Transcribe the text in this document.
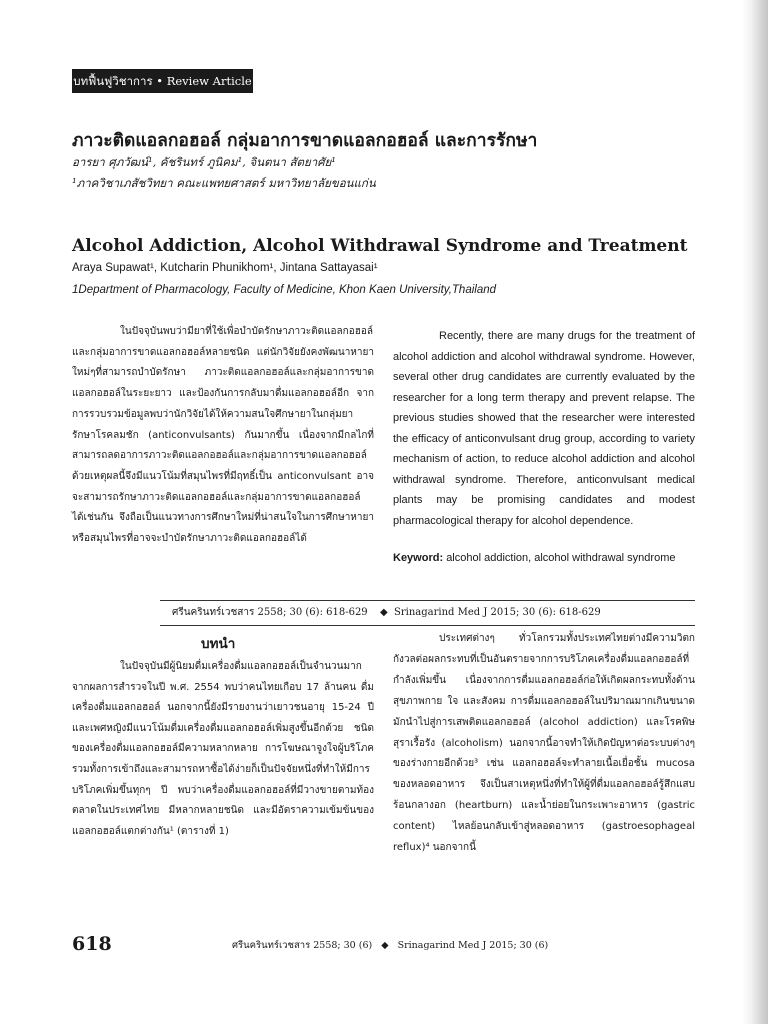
บทฟื้นฟูวิชาการ • Review Article
ภาวะติดแอลกอฮอล์ กลุ่มอาการขาดแอลกอฮอล์ และการรักษา
อารยา ศุภวัฒน์¹, คัชรินทร์ ภูนิคม¹, จินตนา สัตยาศัย¹
¹ภาควิชาเภสัชวิทยา คณะแพทยศาสตร์ มหาวิทยาลัยขอนแก่น
Alcohol Addiction, Alcohol Withdrawal Syndrome and Treatment
Araya Supawat¹, Kutcharin Phunikhom¹, Jintana Sattayasai¹
1Department of Pharmacology, Faculty of Medicine, Khon Kaen University,Thailand

ในปัจจุบันพบว่ามียาที่ใช้เพื่อบำบัดรักษาภาวะติดแอลกอฮอล์และกลุ่มอาการขาดแอลกอฮอล์หลายชนิด แต่นักวิจัยยังคงพัฒนาหายาใหม่ๆที่สามารถบำบัดรักษา ภาวะติดแอลกอฮอล์และกลุ่มอาการขาดแอลกอฮอล์ในระยะยาว และป้องกันการกลับมาดื่มแอลกอฮอล์อีก จากการรวบรวมข้อมูลพบว่านักวิจัยได้ให้ความสนใจศึกษายาในกลุ่มยารักษาโรคลมชัก (anticonvulsants) กันมากขึ้น เนื่องจากมีกลไกที่สามารถลดอาการภาวะติดแอลกอฮอล์และกลุ่มอาการขาดแอลกอฮอล์ ด้วยเหตุผลนี้จึงมีแนวโน้มที่สมุนไพรที่มีฤทธิ์เป็น anticonvulsant อาจจะสามารถรักษาภาวะติดแอลกอฮอล์และกลุ่มอาการขาดแอลกอฮอล์ ได้เช่นกัน จึงถือเป็นแนวทางการศึกษาใหม่ที่น่าสนใจในการศึกษาหายาหรือสมุนไพรที่อาจจะบำบัดรักษาภาวะติดแอลกอฮอล์ได้

Recently, there are many drugs for the treatment of alcohol addiction and alcohol withdrawal syndrome. However, several other drug candidates are currently evaluated by the researcher for a long term therapy and prevent relapse. The previous studies showed that the researcher were interested the efficacy of anticonvulsant drug group, according to variety mechanism of action, to reduce alcohol addiction and alcohol withdrawal syndrome. Therefore, anticonvulsant medical plants may be promising candidates and modest pharmacological therapy for alcohol dependence.

Keyword: alcohol addiction, alcohol withdrawal syndrome
ศรีนครินทร์เวชสาร 2558; 30 (6): 618-629 ◆ Srinagarind Med J 2015; 30 (6): 618-629
บทนำ

ในปัจจุบันมีผู้นิยมดื่มเครื่องดื่มแอลกอฮอล์เป็นจำนวนมาก จากผลการสำรวจในปี พ.ศ. 2554 พบว่าคนไทยเกือบ 17 ล้านคน ดื่มเครื่องดื่มแอลกอฮอล์ นอกจากนี้ยังมีรายงานว่าเยาวชนอายุ 15-24 ปี และเพศหญิงมีแนวโน้มดื่มเครื่องดื่มแอลกอฮอล์เพิ่มสูงขึ้นอีกด้วย ชนิดของเครื่องดื่มแอลกอฮอล์มีความหลากหลาย การโฆษณาจูงใจผู้บริโภค รวมทั้งการเข้าถึงและสามารถหาซื้อได้ง่ายก็เป็นปัจจัยหนึ่งที่ทำให้มีการบริโภคเพิ่มขึ้นทุกๆ ปี พบว่าเครื่องดื่มแอลกอฮอล์ที่มีวางขายตามท้องตลาดในประเทศไทย มีหลากหลายชนิด และมีอัตราความเข้มข้นของแอลกอฮอล์แตกต่างกัน¹ (ตารางที่ 1)

ประเทศต่างๆ ทั่วโลกรวมทั้งประเทศไทยต่างมีความวิตกกังวลต่อผลกระทบที่เป็นอันตรายจากการบริโภคเครื่องดื่มแอลกอฮอล์ที่กำลังเพิ่มขึ้น เนื่องจากการดื่มแอลกอฮอล์ก่อให้เกิดผลกระทบทั้งด้านสุขภาพกาย ใจ และสังคม การดื่มแอลกอฮอล์ในปริมาณมากเกินขนาด มักนำไปสู่การเสพติดแอลกอฮอล์ (alcohol addiction) และโรคพิษสุราเรื้อรัง (alcoholism) นอกจากนี้อาจทำให้เกิดปัญหาต่อระบบต่างๆ ของร่างกายอีกด้วย³ เช่น แอลกอฮอล์จะทำลายเนื้อเยื่อชั้น mucosa ของหลอดอาหาร จึงเป็นสาเหตุหนึ่งที่ทำให้ผู้ที่ดื่มแอลกอฮอล์รู้สึกแสบร้อนกลางอก (heartburn) และน้ำย่อยในกระเพาะอาหาร (gastric content) ไหลย้อนกลับเข้าสู่หลอดอาหาร (gastroesophageal reflux)⁴ นอกจากนี้

618	ศรีนครินทร์เวชสาร 2558; 30 (6) ◆ Srinagarind Med J 2015; 30 (6)
